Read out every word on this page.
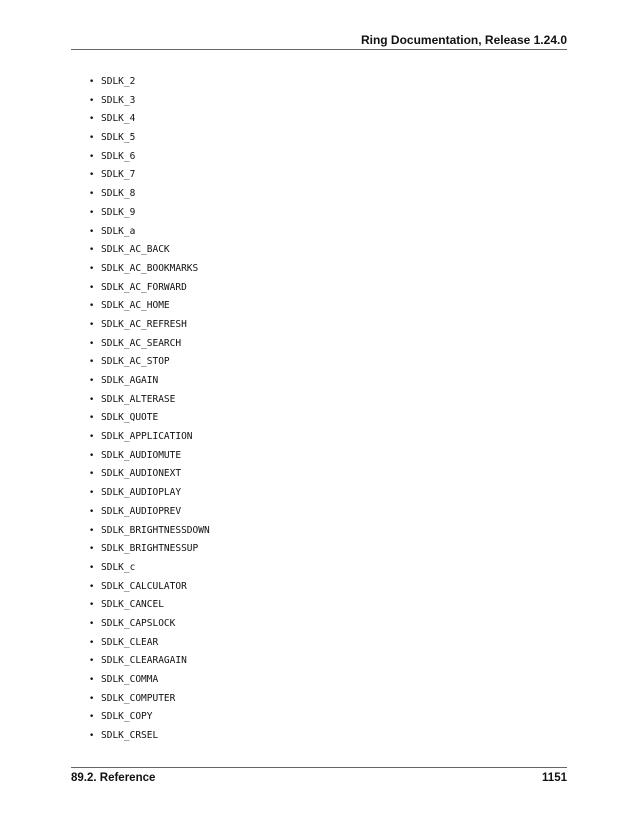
Ring Documentation, Release 1.24.0
• SDLK_2
• SDLK_3
• SDLK_4
• SDLK_5
• SDLK_6
• SDLK_7
• SDLK_8
• SDLK_9
• SDLK_a
• SDLK_AC_BACK
• SDLK_AC_BOOKMARKS
• SDLK_AC_FORWARD
• SDLK_AC_HOME
• SDLK_AC_REFRESH
• SDLK_AC_SEARCH
• SDLK_AC_STOP
• SDLK_AGAIN
• SDLK_ALTERASE
• SDLK_QUOTE
• SDLK_APPLICATION
• SDLK_AUDIOMUTE
• SDLK_AUDIONEXT
• SDLK_AUDIOPLAY
• SDLK_AUDIOPREV
• SDLK_BRIGHTNESSDOWN
• SDLK_BRIGHTNESSUP
• SDLK_c
• SDLK_CALCULATOR
• SDLK_CANCEL
• SDLK_CAPSLOCK
• SDLK_CLEAR
• SDLK_CLEARAGAIN
• SDLK_COMMA
• SDLK_COMPUTER
• SDLK_COPY
• SDLK_CRSEL
89.2. Reference	1151
